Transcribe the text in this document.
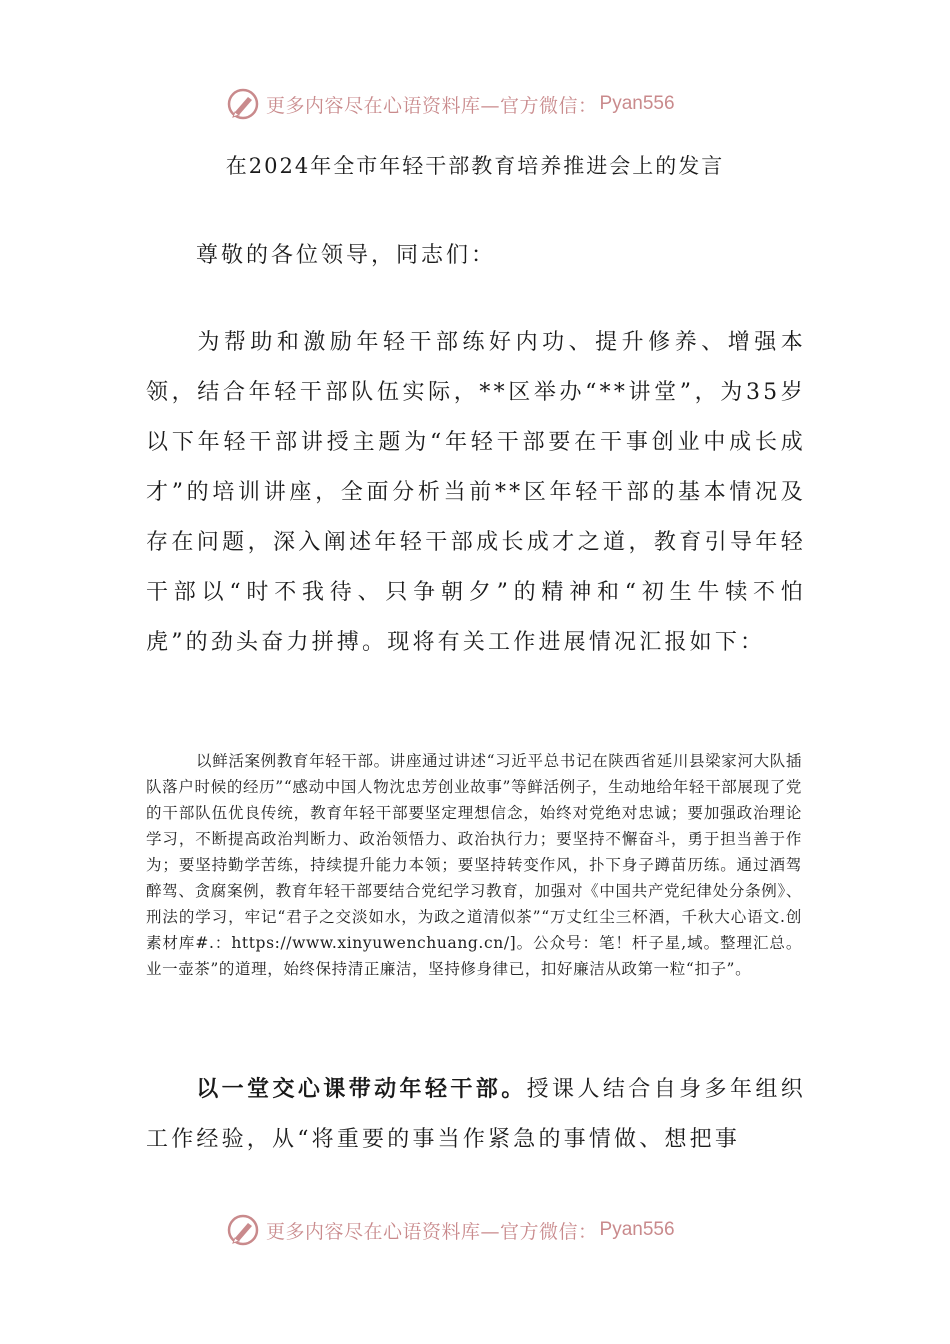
更多内容尽在心语资料库—官方微信： Pyan556
在2024年全市年轻干部教育培养推进会上的发言
尊敬的各位领导，同志们：

为帮助和激励年轻干部练好内功、提升修养、增强本领，结合年轻干部队伍实际，**区举办“**讲堂”，为35岁以下年轻干部讲授主题为“年轻干部要在干事创业中成长成才”的培训讲座，全面分析当前**区年轻干部的基本情况及存在问题，深入阐述年轻干部成长成才之道，教育引导年轻干部以“时不我待、只争朝夕”的精神和“初生牛犊不怕虎”的劲头奋力拼搏。现将有关工作进展情况汇报如下：

以鲜活案例教育年轻干部。讲座通过讲述“习近平总书记在陕西省延川县梁家河大队插队落户时候的经历”“感动中国人物沈忠芳创业故事”等鲜活例子，生动地给年轻干部展现了党的干部队伍优良传统，教育年轻干部要坚定理想信念，始终对党绝对忠诚；要加强政治理论学习，不断提高政治判断力、政治领悟力、政治执行力；要坚持不懈奋斗，勇于担当善于作为；要坚持勤学苦练，持续提升能力本领；要坚持转变作风，扑下身子蹲苗历练。通过酒驾醉驾、贪腐案例，教育年轻干部要结合党纪学习教育，加强对《中国共产党纪律处分条例》、刑法的学习，牢记“君子之交淡如水，为政之道清似茶”“万丈红尘三杯酒，千秋大心语文.创素材库#.：https://www.xinyuwenchuang.cn/]。公众号：笔！杆子星,域。整理汇总。业一壶茶”的道理，始终保持清正廉洁，坚持修身律已，扣好廉洁从政第一粒“扣子”。

以一堂交心课带动年轻干部。授课人结合自身多年组织工作经验，从“将重要的事当作紧急的事情做、想把事

更多内容尽在心语资料库—官方微信： Pyan556
